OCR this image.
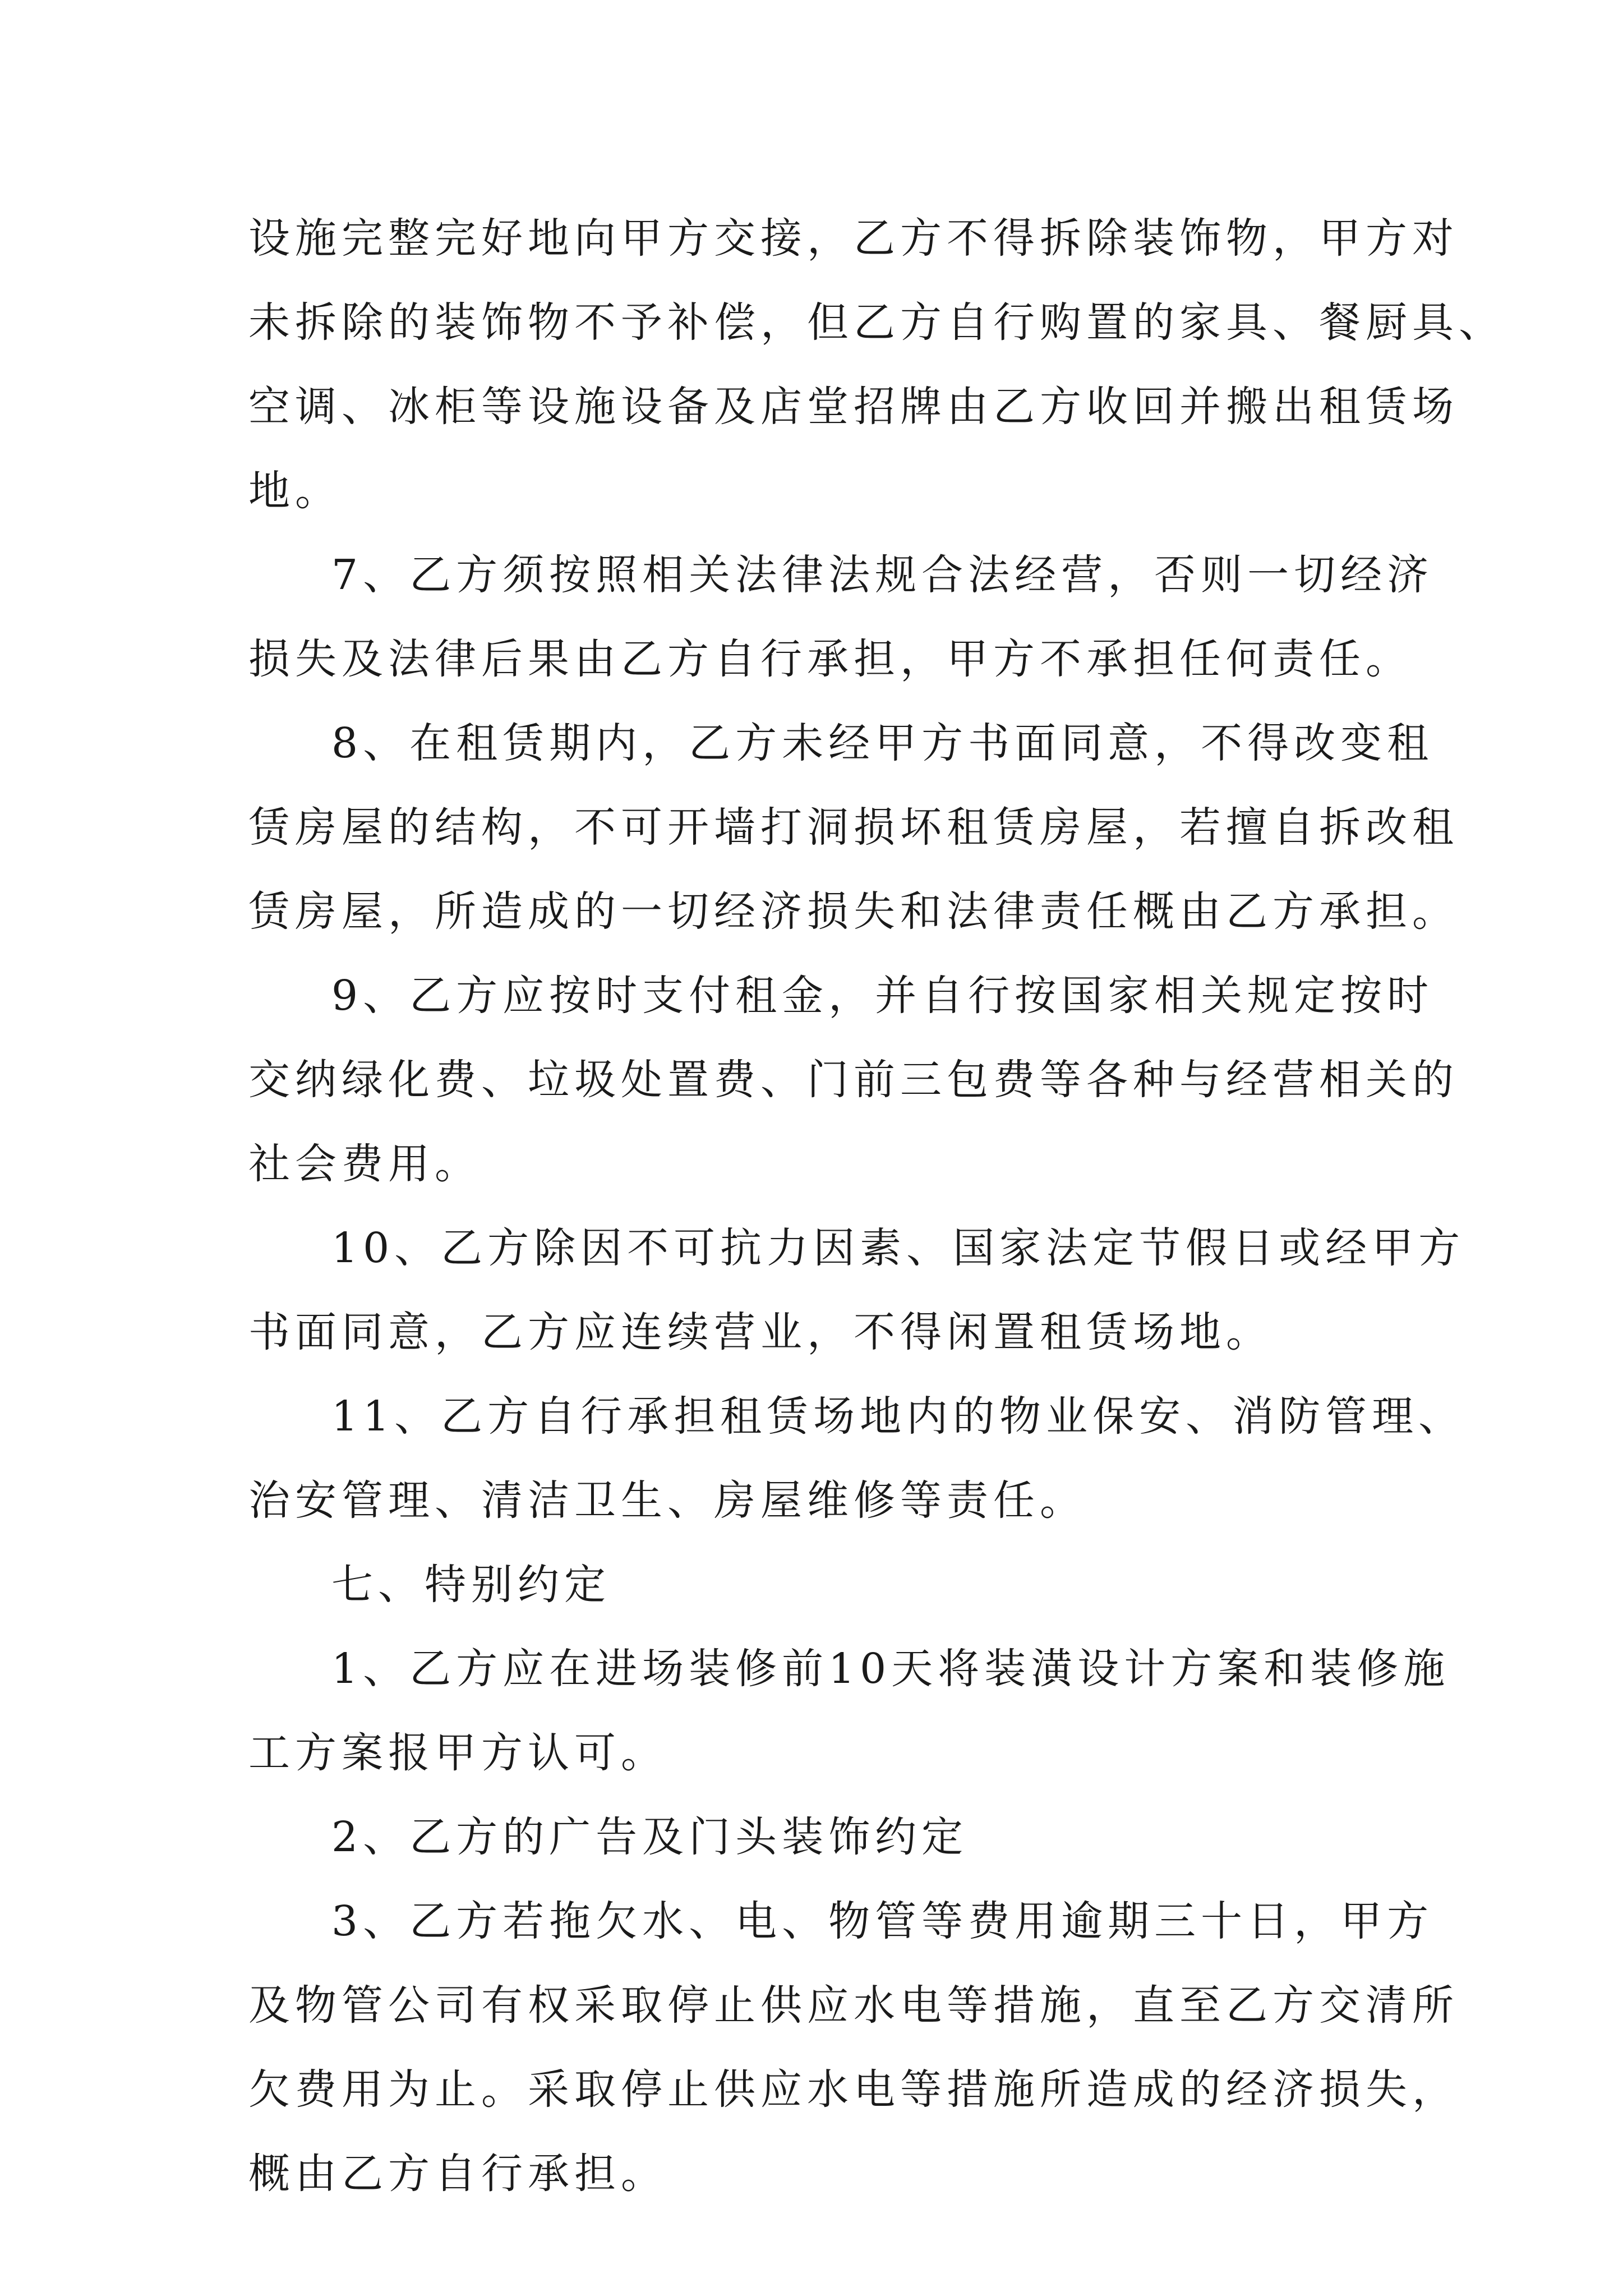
设施完整完好地向甲方交接，乙方不得拆除装饰物，甲方对
未拆除的装饰物不予补偿，但乙方自行购置的家具、餐厨具、
空调、冰柜等设施设备及店堂招牌由乙方收回并搬出租赁场
地。

7、乙方须按照相关法律法规合法经营，否则一切经济
损失及法律后果由乙方自行承担，甲方不承担任何责任。

8、在租赁期内，乙方未经甲方书面同意，不得改变租
赁房屋的结构，不可开墙打洞损坏租赁房屋，若擅自拆改租
赁房屋，所造成的一切经济损失和法律责任概由乙方承担。

9、乙方应按时支付租金，并自行按国家相关规定按时
交纳绿化费、垃圾处置费、门前三包费等各种与经营相关的
社会费用。

10、乙方除因不可抗力因素、国家法定节假日或经甲方
书面同意，乙方应连续营业，不得闲置租赁场地。

11、乙方自行承担租赁场地内的物业保安、消防管理、
治安管理、清洁卫生、房屋维修等责任。

七、特别约定

1、乙方应在进场装修前10天将装潢设计方案和装修施
工方案报甲方认可。

2、乙方的广告及门头装饰约定

3、乙方若拖欠水、电、物管等费用逾期三十日，甲方
及物管公司有权采取停止供应水电等措施，直至乙方交清所
欠费用为止。采取停止供应水电等措施所造成的经济损失，
概由乙方自行承担。
